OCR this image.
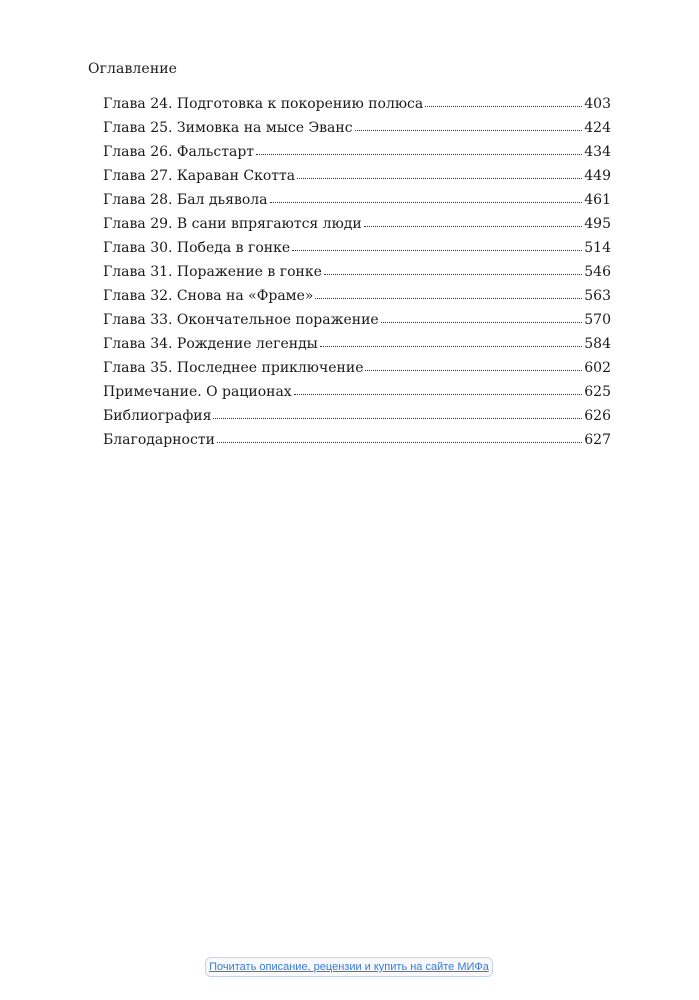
Оглавление
Глава 24. Подготовка к покорению полюса	403
Глава 25. Зимовка на мысе Эванс	424
Глава 26. Фальстарт	434
Глава 27. Караван Скотта	449
Глава 28. Бал дьявола	461
Глава 29. В сани впрягаются люди	495
Глава 30. Победа в гонке	514
Глава 31. Поражение в гонке	546
Глава 32. Снова на «Фраме»	563
Глава 33. Окончательное поражение	570
Глава 34. Рождение легенды	584
Глава 35. Последнее приключение	602
Примечание. О рационах	625
Библиография	626
Благодарности	627
Почитать описание, рецензии и купить на сайте МИФа
